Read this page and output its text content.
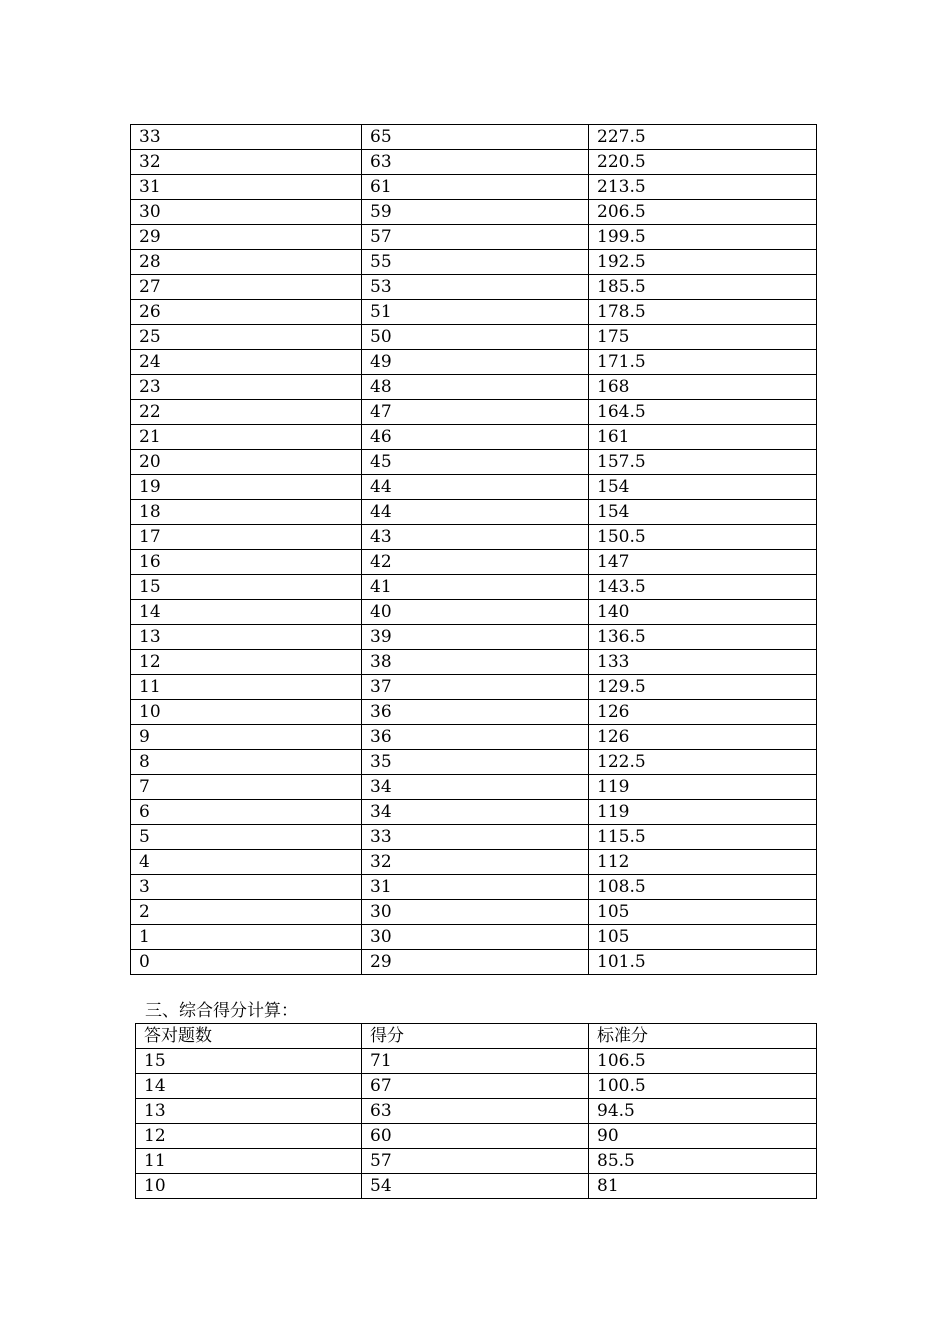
33	65	227.5
32	63	220.5
31	61	213.5
30	59	206.5
29	57	199.5
28	55	192.5
27	53	185.5
26	51	178.5
25	50	175
24	49	171.5
23	48	168
22	47	164.5
21	46	161
20	45	157.5
19	44	154
18	44	154
17	43	150.5
16	42	147
15	41	143.5
14	40	140
13	39	136.5
12	38	133
11	37	129.5
10	36	126
9	36	126
8	35	122.5
7	34	119
6	34	119
5	33	115.5
4	32	112
3	31	108.5
2	30	105
1	30	105
0	29	101.5
三、综合得分计算：
答对题数	得分	标准分
15	71	106.5
14	67	100.5
13	63	94.5
12	60	90
11	57	85.5
10	54	81
